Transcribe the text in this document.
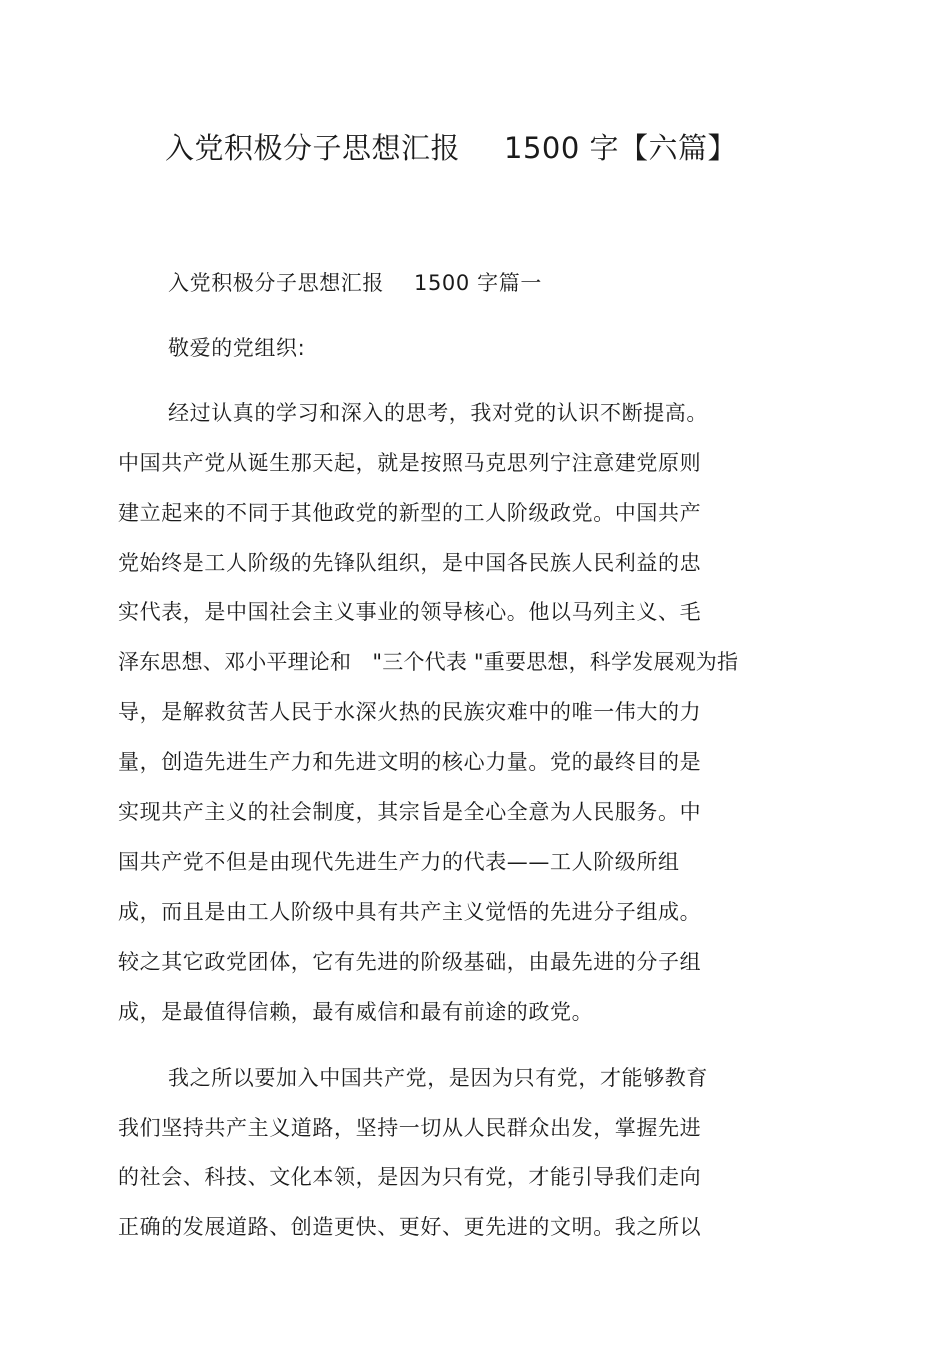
入党积极分子思想汇报 1500 字【六篇】
入党积极分子思想汇报 1500 字篇一
敬爱的党组织:
经过认真的学习和深入的思考，我对党的认识不断提高。
中国共产党从诞生那天起，就是按照马克思列宁注意建党原则
建立起来的不同于其他政党的新型的工人阶级政党。中国共产
党始终是工人阶级的先锋队组织，是中国各民族人民利益的忠
实代表，是中国社会主义事业的领导核心。他以马列主义、毛
泽东思想、邓小平理论和　"三个代表 "重要思想，科学发展观为指
导，是解救贫苦人民于水深火热的民族灾难中的唯一伟大的力
量，创造先进生产力和先进文明的核心力量。党的最终目的是
实现共产主义的社会制度，其宗旨是全心全意为人民服务。中
国共产党不但是由现代先进生产力的代表——工人阶级所组
成，而且是由工人阶级中具有共产主义觉悟的先进分子组成。
较之其它政党团体，它有先进的阶级基础，由最先进的分子组
成，是最值得信赖，最有威信和最有前途的政党。
我之所以要加入中国共产党，是因为只有党，才能够教育
我们坚持共产主义道路，坚持一切从人民群众出发，掌握先进
的社会、科技、文化本领，是因为只有党，才能引导我们走向
正确的发展道路、创造更快、更好、更先进的文明。我之所以
